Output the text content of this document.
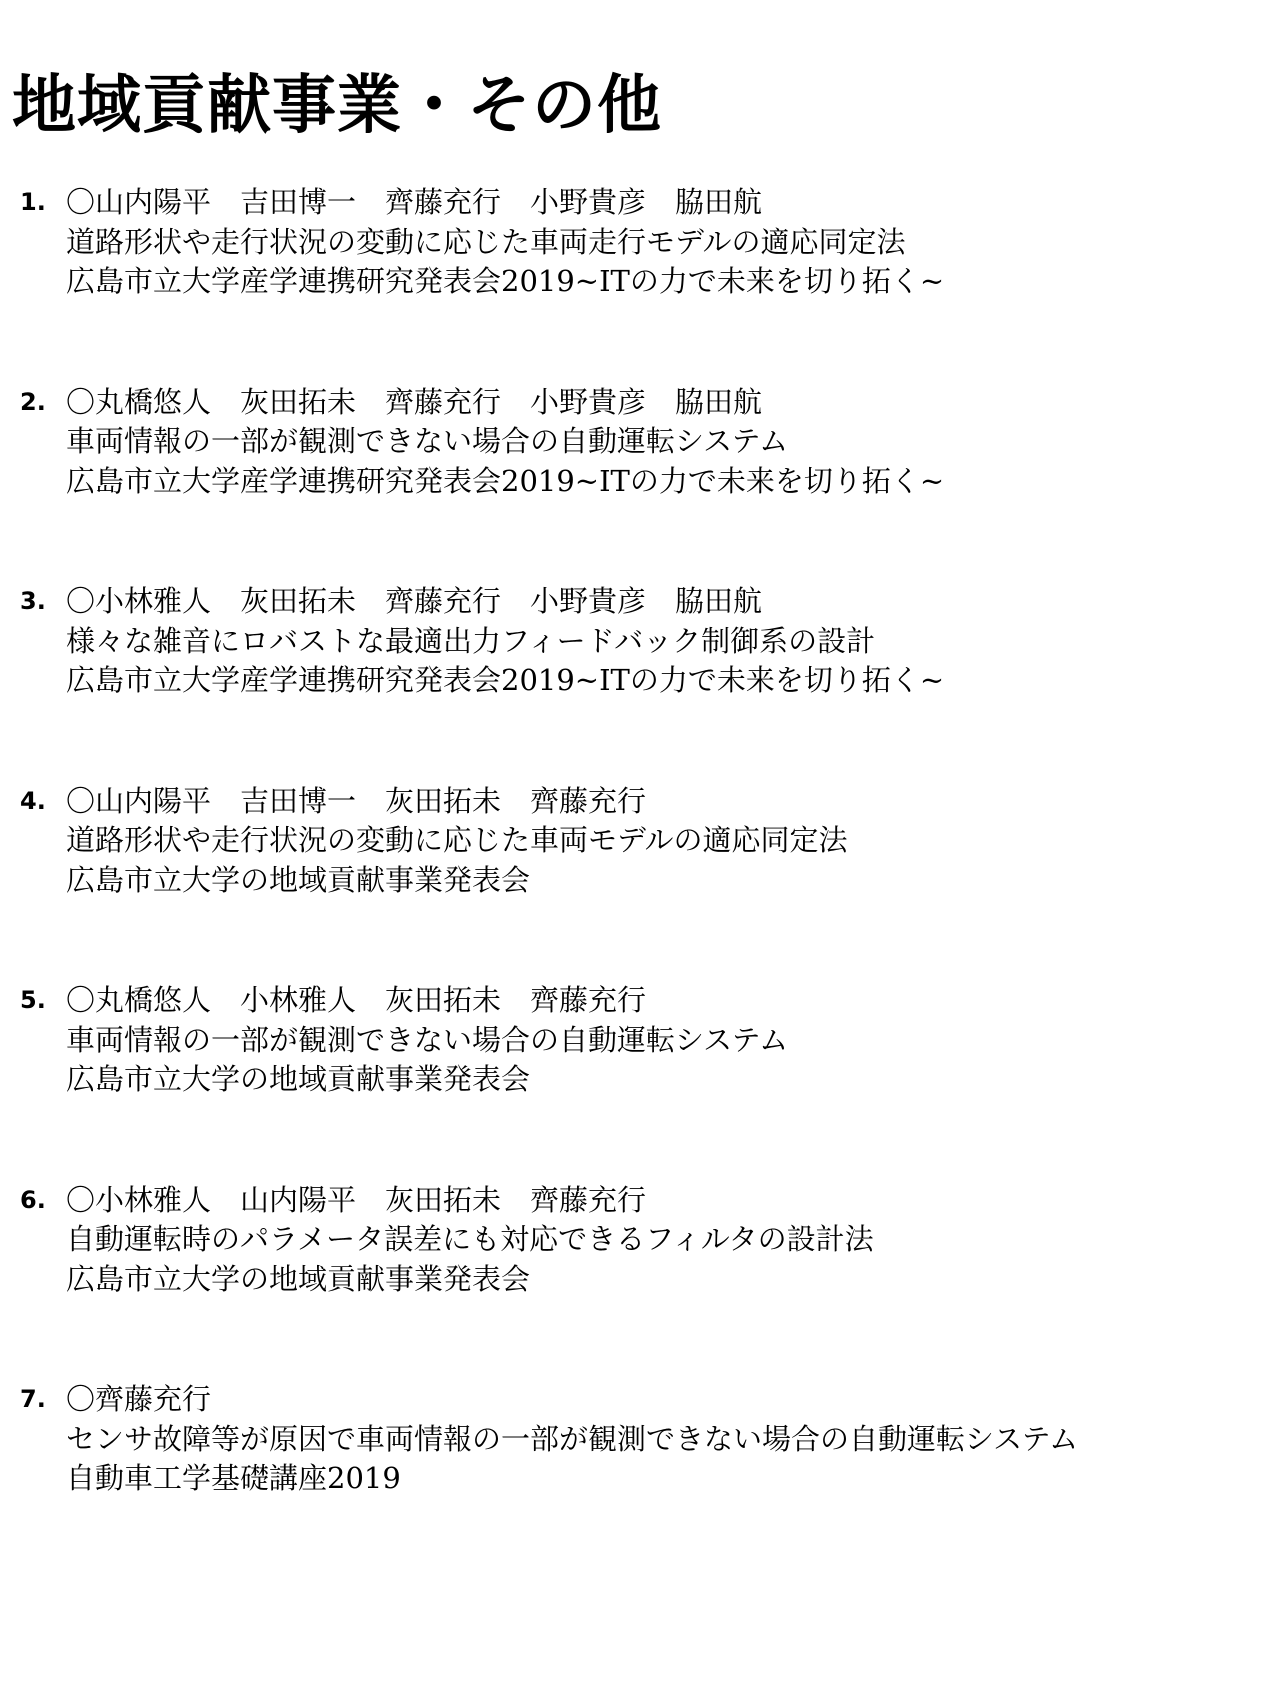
地域貢献事業・その他
1. 〇山内陽平　吉田博一　齊藤充行　小野貴彦　脇田航
道路形状や走行状況の変動に応じた車両走行モデルの適応同定法
広島市立大学産学連携研究発表会2019~ITの力で未来を切り拓く~
2. 〇丸橋悠人　灰田拓未　齊藤充行　小野貴彦　脇田航
車両情報の一部が観測できない場合の自動運転システム
広島市立大学産学連携研究発表会2019~ITの力で未来を切り拓く~
3. 〇小林雅人　灰田拓未　齊藤充行　小野貴彦　脇田航
様々な雑音にロバストな最適出力フィードバック制御系の設計
広島市立大学産学連携研究発表会2019~ITの力で未来を切り拓く~
4. 〇山内陽平　吉田博一　灰田拓未　齊藤充行
道路形状や走行状況の変動に応じた車両モデルの適応同定法
広島市立大学の地域貢献事業発表会
5. 〇丸橋悠人　小林雅人　灰田拓未　齊藤充行
車両情報の一部が観測できない場合の自動運転システム
広島市立大学の地域貢献事業発表会
6. 〇小林雅人　山内陽平　灰田拓未　齊藤充行
自動運転時のパラメータ誤差にも対応できるフィルタの設計法
広島市立大学の地域貢献事業発表会
7. 〇齊藤充行
センサ故障等が原因で車両情報の一部が観測できない場合の自動運転システム
自動車工学基礎講座2019
